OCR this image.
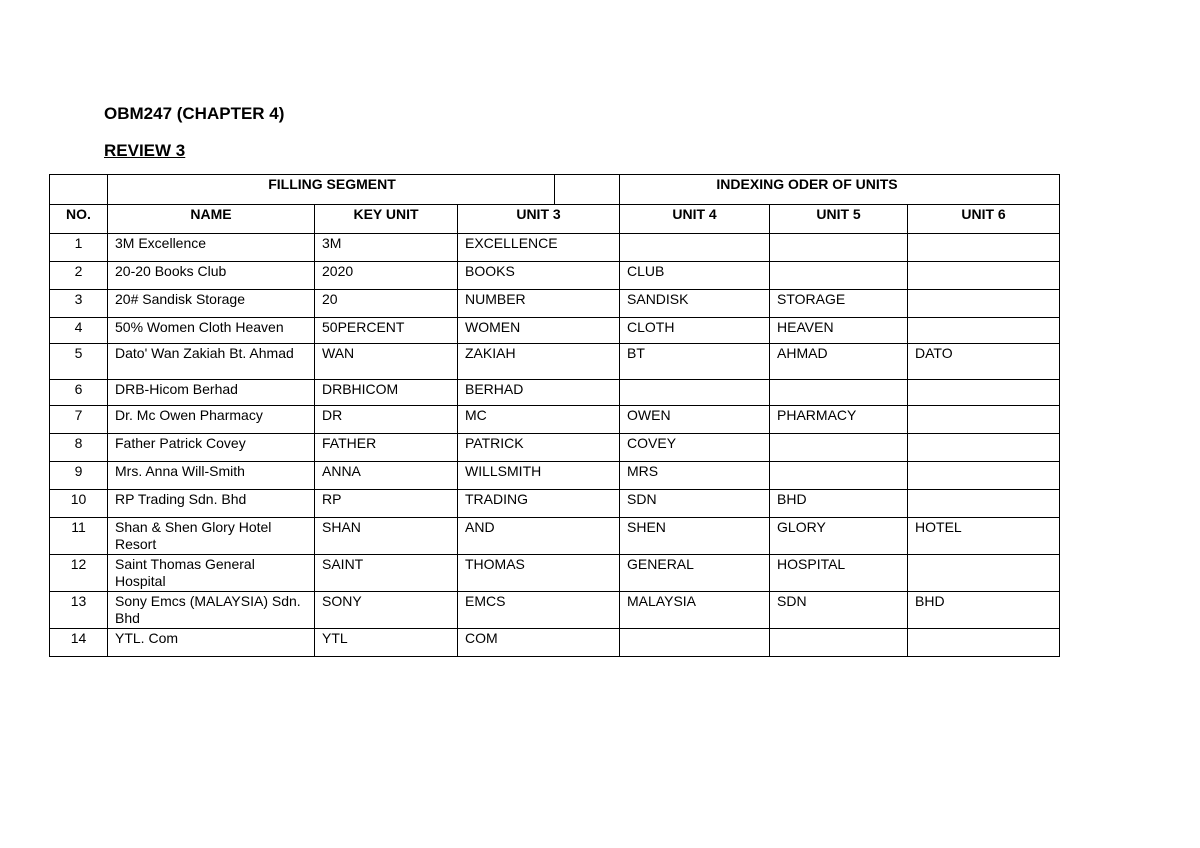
OBM247 (CHAPTER 4)
REVIEW 3

	FILLING SEGMENT			INDEXING ODER OF UNITS		

NO.	NAME	KEY UNIT	UNIT 3	UNIT 4	UNIT 5	UNIT 6
1	3M Excellence	3M	EXCELLENCE			
2	20-20 Books Club	2020	BOOKS	CLUB		
3	20# Sandisk Storage	20	NUMBER	SANDISK	STORAGE	
4	50% Women Cloth Heaven	50PERCENT	WOMEN	CLOTH	HEAVEN	
5	Dato' Wan Zakiah Bt. Ahmad	WAN	ZAKIAH	BT	AHMAD	DATO
6	DRB-Hicom Berhad	DRBHICOM	BERHAD			
7	Dr. Mc Owen Pharmacy	DR	MC	OWEN	PHARMACY	
8	Father Patrick Covey	FATHER	PATRICK	COVEY		
9	Mrs. Anna Will-Smith	ANNA	WILLSMITH	MRS		
10	RP Trading Sdn. Bhd	RP	TRADING	SDN	BHD	
11	Shan & Shen Glory Hotel Resort	SHAN	AND	SHEN	GLORY	HOTEL
12	Saint Thomas General Hospital	SAINT	THOMAS	GENERAL	HOSPITAL	
13	Sony Emcs (MALAYSIA) Sdn. Bhd	SONY	EMCS	MALAYSIA	SDN	BHD
14	YTL. Com	YTL	COM			
